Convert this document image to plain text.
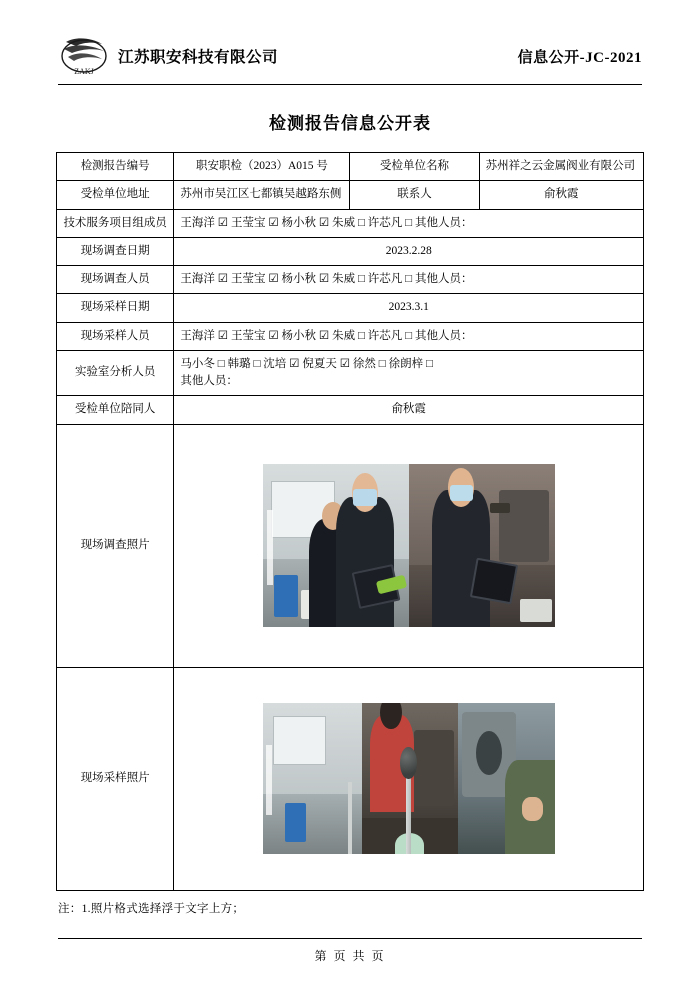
ZAKJ
江苏职安科技有限公司	信息公开-JC-2021
检测报告信息公开表
检测报告编号	职安职检（2023）A015 号	受检单位名称	苏州祥之云金属阀业有限公司
受检单位地址	苏州市吴江区七都镇吴越路东侧	联系人	俞秋霞
技术服务项目组成员	王海洋 ☑ 王莹宝 ☑ 杨小秋 ☑ 朱威 □ 许芯凡 □ 其他人员：		
现场调查日期	2023.2.28		
现场调查人员	王海洋 ☑ 王莹宝 ☑ 杨小秋 ☑ 朱威 □ 许芯凡 □ 其他人员：		
现场采样日期	2023.3.1		
现场采样人员	王海洋 ☑ 王莹宝 ☑ 杨小秋 ☑ 朱威 □ 许芯凡 □ 其他人员：		
实验室分析人员	马小冬 □ 韩璐 □ 沈培 ☑ 倪夏天 ☑ 徐然 □ 徐朗梓 □
其他人员：		

受检单位陪同人	俞秋霞		
现场调查照片			

现场采样照片			
注：1.照片格式选择浮于文字上方；
第 页 共 页
